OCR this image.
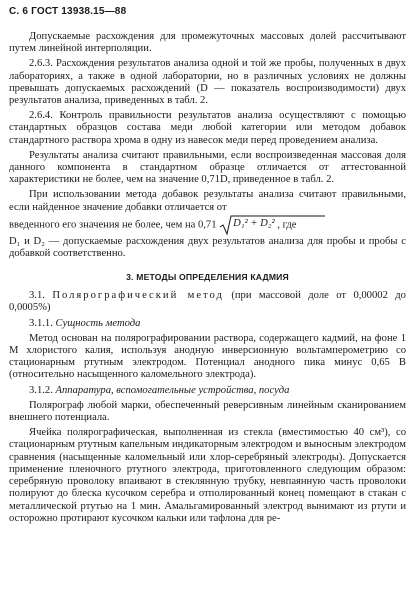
С. 6 ГОСТ 13938.15—88

Допускаемые расхождения для промежуточных массовых долей рассчитывают путем линейной интерполяции.

2.6.3. Расхождения результатов анализа одной и той же пробы, полученных в двух лабораториях, а также в одной лаборатории, но в различных условиях не должны превышать допускаемых расхождений (D — показатель воспроизводимости) двух результатов анализа, приведенных в табл. 2.

2.6.4. Контроль правильности результатов анализа осуществляют с помощью стандартных образцов состава меди любой категории или методом добавок стандартного раствора хрома в одну из навесок меди перед проведением анализа.

Результаты анализа считают правильными, если воспроизведенная массовая доля данного компонента в стандартном образце отличается от аттестованной характеристики не более, чем на значение 0,71D, приведенное в табл. 2.

При использовании метода добавок результаты анализа считают правильными, если найденное значение добавки отличается от

введенного его значения не более, чем на 0,71 D₁² + D₂² , где

D₁ и D₂ — допускаемые расхождения двух результатов анализа для пробы и пробы с добавкой соответственно.

3. МЕТОДЫ ОПРЕДЕЛЕНИЯ КАДМИЯ

3.1. Полярографический метод (при массовой доле от 0,00002 до 0,0005%)

3.1.1. Сущность метода

Метод основан на полярографировании раствора, содержащего кадмий, на фоне 1 М хлористого калия, используя анодную инверсионную вольтамперометрию со стационарным ртутным электродом. Потенциал анодного пика минус 0,65 В (относительно насыщенного каломельного электрода).

3.1.2. Аппаратура, вспомогательные устройства, посуда

Полярограф любой марки, обеспеченный реверсивным линейным сканированием внешнего потенциала.

Ячейка полярографическая, выполненная из стекла (вместимостью 40 см³), со стационарным ртутным капельным индикаторным электродом и выносным электродом сравнения (насыщенные каломельный или хлор-серебряный электроды). Допускается применение пленочного ртутного электрода, приготовленного следующим образом: серебряную проволоку впаивают в стеклянную трубку, невпаянную часть проволоки полируют до блеска кусочком серебра и отполированный конец помещают в стакан с металлической ртутью на 1 мин. Амальгамированный электрод вынимают из ртути и осторожно протирают кусочком кальки или тафлона для ре-
